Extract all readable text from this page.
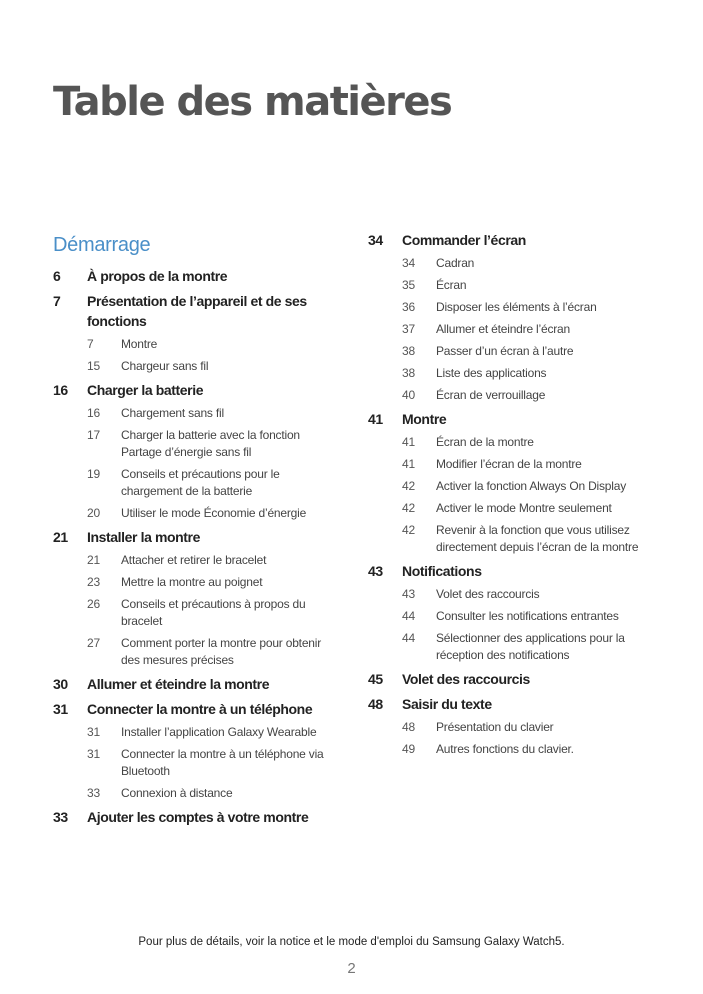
Table des matières
Démarrage
6	À propos de la montre
7	Présentation de l’appareil et de ses fonctions
7	Montre
15	Chargeur sans fil
16	Charger la batterie
16	Chargement sans fil
17	Charger la batterie avec la fonction Partage d’énergie sans fil
19	Conseils et précautions pour le chargement de la batterie
20	Utiliser le mode Économie d’énergie
21	Installer la montre
21	Attacher et retirer le bracelet
23	Mettre la montre au poignet
26	Conseils et précautions à propos du bracelet
27	Comment porter la montre pour obtenir des mesures précises
30	Allumer et éteindre la montre
31	Connecter la montre à un téléphone
31	Installer l’application Galaxy Wearable
31	Connecter la montre à un téléphone via Bluetooth
33	Connexion à distance
33	Ajouter les comptes à votre montre
34	Commander l’écran
34	Cadran
35	Écran
36	Disposer les éléments à l’écran
37	Allumer et éteindre l’écran
38	Passer d’un écran à l’autre
38	Liste des applications
40	Écran de verrouillage
41	Montre
41	Écran de la montre
41	Modifier l’écran de la montre
42	Activer la fonction Always On Display
42	Activer le mode Montre seulement
42	Revenir à la fonction que vous utilisez directement depuis l’écran de la montre
43	Notifications
43	Volet des raccourcis
44	Consulter les notifications entrantes
44	Sélectionner des applications pour la réception des notifications
45	Volet des raccourcis
48	Saisir du texte
48	Présentation du clavier
49	Autres fonctions du clavier.
Pour plus de détails, voir la notice et le mode d'emploi du Samsung Galaxy Watch5.
2
